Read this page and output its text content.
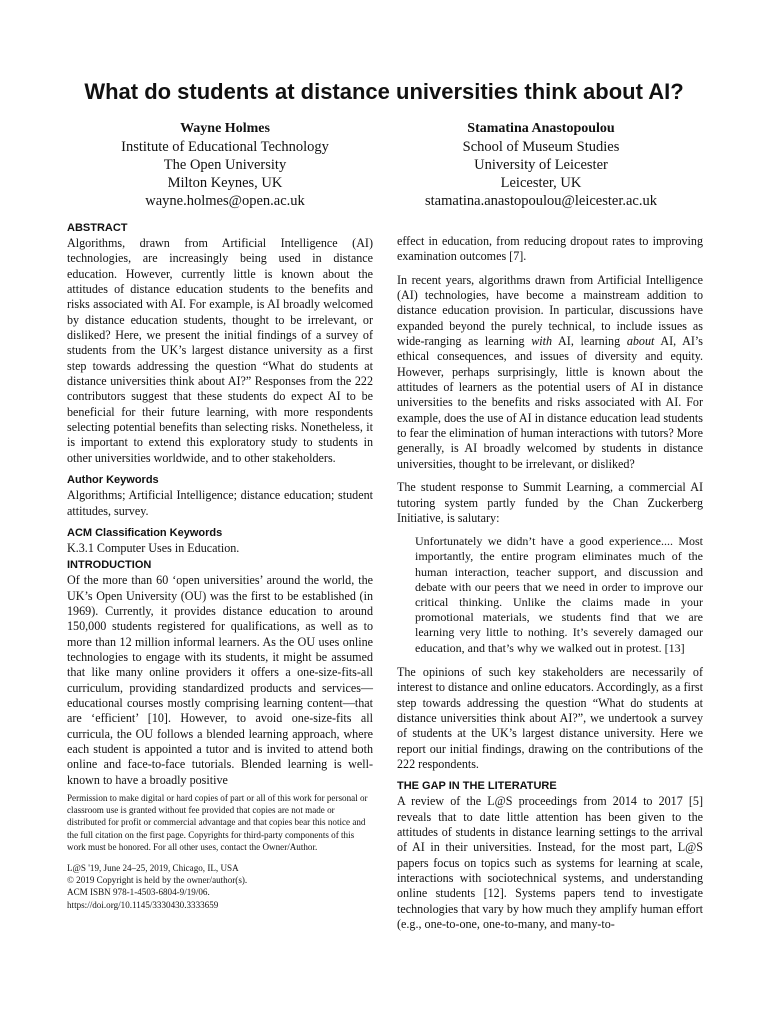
What do students at distance universities think about AI?
Wayne Holmes
Institute of Educational Technology
The Open University
Milton Keynes, UK
wayne.holmes@open.ac.uk
Stamatina Anastopoulou
School of Museum Studies
University of Leicester
Leicester, UK
stamatina.anastopoulou@leicester.ac.uk
ABSTRACT

Algorithms, drawn from Artificial Intelligence (AI) technologies, are increasingly being used in distance education. However, currently little is known about the attitudes of distance education students to the benefits and risks associated with AI. For example, is AI broadly welcomed by distance education students, thought to be irrelevant, or disliked? Here, we present the initial findings of a survey of students from the UK’s largest distance university as a first step towards addressing the question “What do students at distance universities think about AI?” Responses from the 222 contributors suggest that these students do expect AI to be beneficial for their future learning, with more respondents selecting potential benefits than selecting risks. Nonetheless, it is important to extend this exploratory study to students in other universities worldwide, and to other stakeholders.

Author Keywords

Algorithms; Artificial Intelligence; distance education; student attitudes, survey.

ACM Classification Keywords

K.3.1 Computer Uses in Education.

INTRODUCTION

Of the more than 60 ‘open universities’ around the world, the UK’s Open University (OU) was the first to be established (in 1969). Currently, it provides distance education to around 150,000 students registered for qualifications, as well as to more than 12 million informal learners. As the OU uses online technologies to engage with its students, it might be assumed that like many online providers it offers a one-size-fits-all curriculum, providing standardized products and services—educational courses mostly comprising learning content—that are ‘efficient’ [10]. However, to avoid one-size-fits all curricula, the OU follows a blended learning approach, where each student is appointed a tutor and is invited to attend both online and face-to-face tutorials. Blended learning is well-known to have a broadly positive

Permission to make digital or hard copies of part or all of this work for personal or classroom use is granted without fee provided that copies are not made or distributed for profit or commercial advantage and that copies bear this notice and the full citation on the first page. Copyrights for third-party components of this work must be honored. For all other uses, contact the Owner/Author.

L@S '19, June 24–25, 2019, Chicago, IL, USA
© 2019 Copyright is held by the owner/author(s).
ACM ISBN 978-1-4503-6804-9/19/06.
https://doi.org/10.1145/3330430.3333659

effect in education, from reducing dropout rates to improving examination outcomes [7].

In recent years, algorithms drawn from Artificial Intelligence (AI) technologies, have become a mainstream addition to distance education provision. In particular, discussions have expanded beyond the purely technical, to include issues as wide-ranging as learning with AI, learning about AI, AI’s ethical consequences, and issues of diversity and equity. However, perhaps surprisingly, little is known about the attitudes of learners as the potential users of AI in distance universities to the benefits and risks associated with AI. For example, does the use of AI in distance education lead students to fear the elimination of human interactions with tutors? More generally, is AI broadly welcomed by students in distance universities, thought to be irrelevant, or disliked?

The student response to Summit Learning, a commercial AI tutoring system partly funded by the Chan Zuckerberg Initiative, is salutary:

Unfortunately we didn’t have a good experience.... Most importantly, the entire program eliminates much of the human interaction, teacher support, and discussion and debate with our peers that we need in order to improve our critical thinking. Unlike the claims made in your promotional materials, we students find that we are learning very little to nothing. It’s severely damaged our education, and that’s why we walked out in protest. [13]

The opinions of such key stakeholders are necessarily of interest to distance and online educators. Accordingly, as a first step towards addressing the question “What do students at distance universities think about AI?”, we undertook a survey of students at the UK’s largest distance university. Here we report our initial findings, drawing on the contributions of the 222 respondents.

THE GAP IN THE LITERATURE

A review of the L@S proceedings from 2014 to 2017 [5] reveals that to date little attention has been given to the attitudes of students in distance learning settings to the arrival of AI in their universities. Instead, for the most part, L@S papers focus on topics such as systems for learning at scale, interactions with sociotechnical systems, and understanding online students [12]. Systems papers tend to investigate technologies that vary by how much they amplify human effort (e.g., one-to-one, one-to-many, and many-to-
